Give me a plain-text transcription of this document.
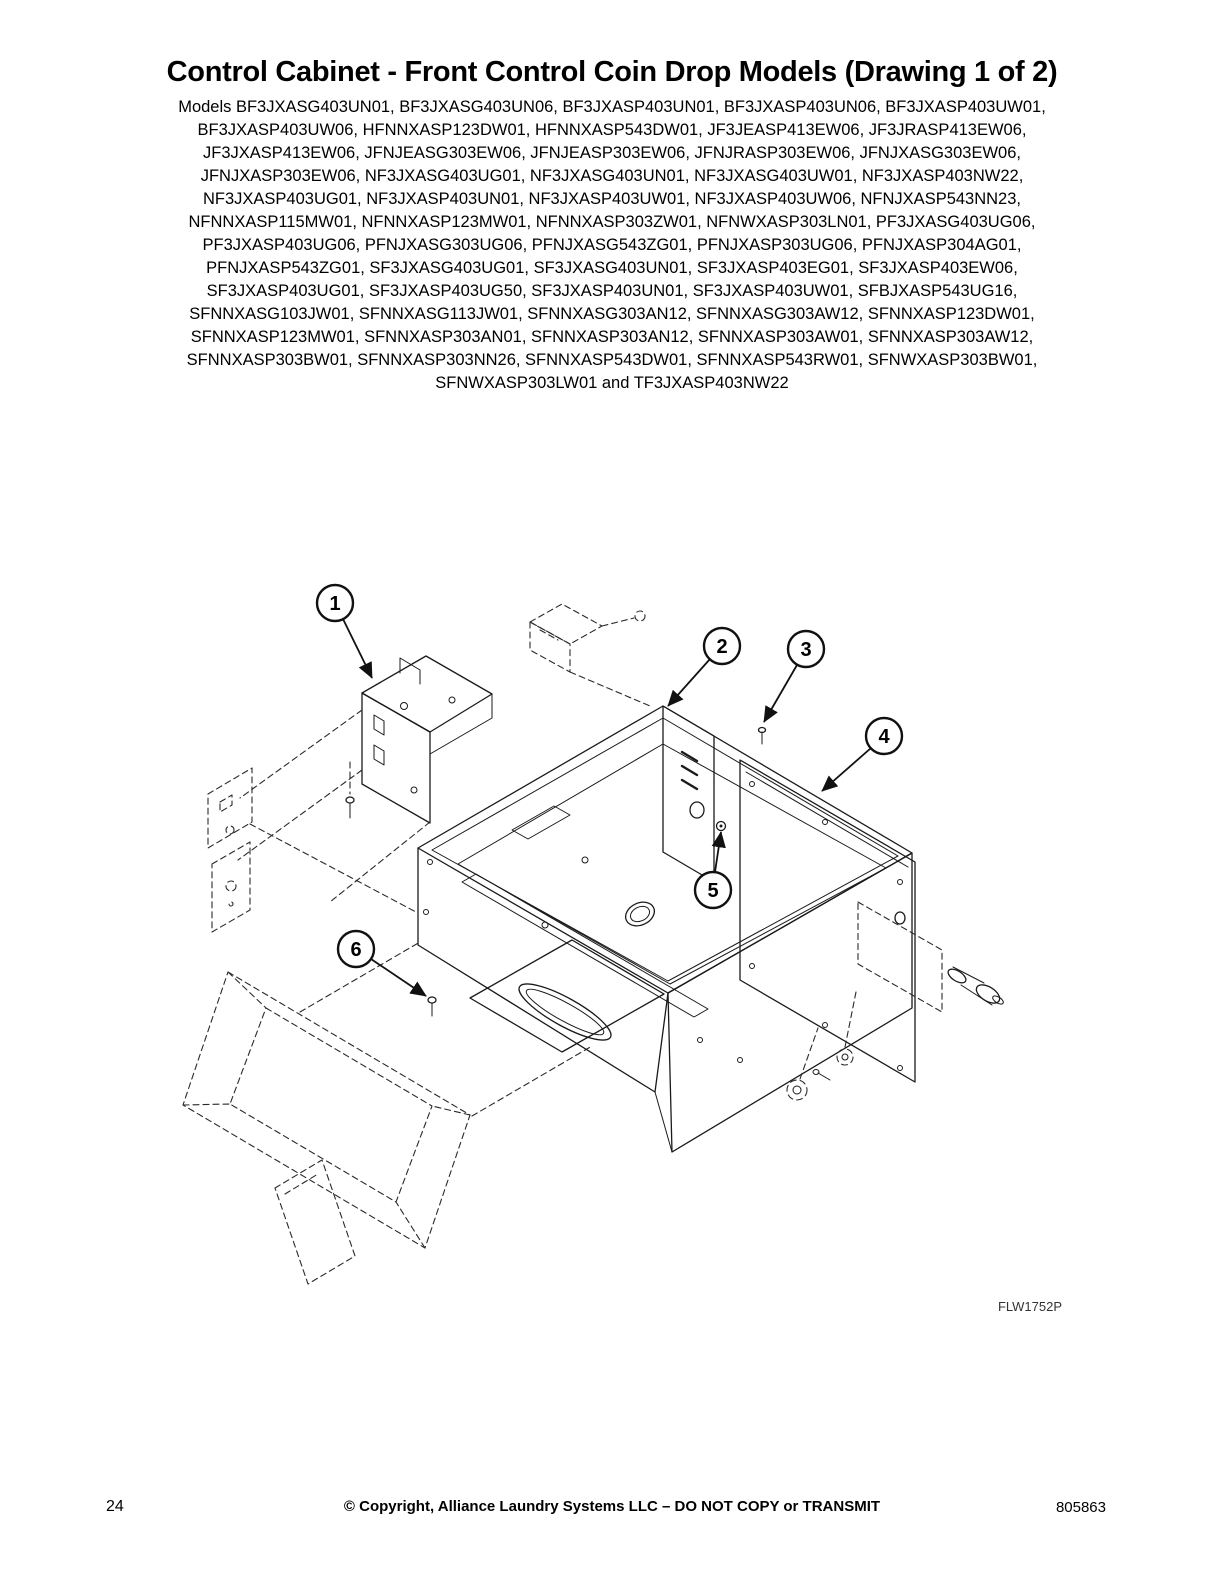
Control Cabinet - Front Control Coin Drop Models (Drawing 1 of 2)
Models BF3JXASG403UN01, BF3JXASG403UN06, BF3JXASP403UN01, BF3JXASP403UN06, BF3JXASP403UW01,
BF3JXASP403UW06, HFNNXASP123DW01, HFNNXASP543DW01, JF3JEASP413EW06, JF3JRASP413EW06,
JF3JXASP413EW06, JFNJEASG303EW06, JFNJEASP303EW06, JFNJRASP303EW06, JFNJXASG303EW06,
JFNJXASP303EW06, NF3JXASG403UG01, NF3JXASG403UN01, NF3JXASG403UW01, NF3JXASP403NW22,
NF3JXASP403UG01, NF3JXASP403UN01, NF3JXASP403UW01, NF3JXASP403UW06, NFNJXASP543NN23,
NFNNXASP115MW01, NFNNXASP123MW01, NFNNXASP303ZW01, NFNWXASP303LN01, PF3JXASG403UG06,
PF3JXASP403UG06, PFNJXASG303UG06, PFNJXASG543ZG01, PFNJXASP303UG06, PFNJXASP304AG01,
PFNJXASP543ZG01, SF3JXASG403UG01, SF3JXASG403UN01, SF3JXASP403EG01, SF3JXASP403EW06,
SF3JXASP403UG01, SF3JXASP403UG50, SF3JXASP403UN01, SF3JXASP403UW01, SFBJXASP543UG16,
SFNNXASG103JW01, SFNNXASG113JW01, SFNNXASG303AN12, SFNNXASG303AW12, SFNNXASP123DW01,
SFNNXASP123MW01, SFNNXASP303AN01, SFNNXASP303AN12, SFNNXASP303AW01, SFNNXASP303AW12,
SFNNXASP303BW01, SFNNXASP303NN26, SFNNXASP543DW01, SFNNXASP543RW01, SFNWXASP303BW01,
SFNWXASP303LW01 and TF3JXASP403NW22
1
2	3
4
5
6
FLW1752P
© Copyright, Alliance Laundry Systems LLC – DO NOT COPY or TRANSMIT
24	805863
